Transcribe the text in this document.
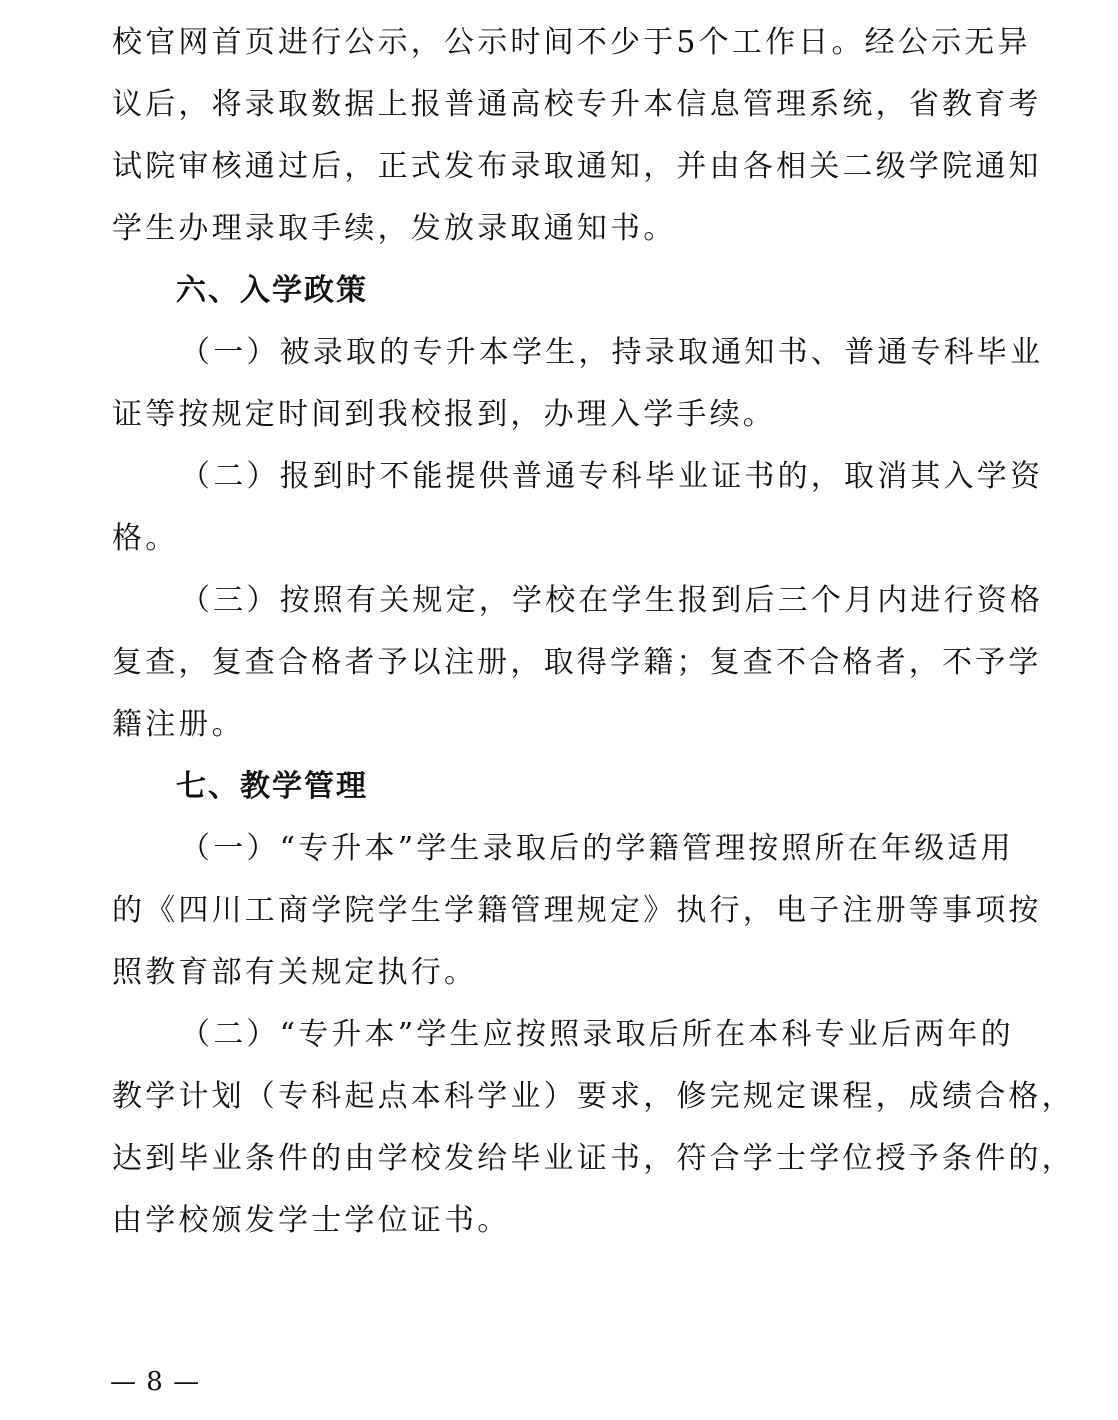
校官网首页进行公示，公示时间不少于5个工作日。经公示无异
议后，将录取数据上报普通高校专升本信息管理系统，省教育考
试院审核通过后，正式发布录取通知，并由各相关二级学院通知
学生办理录取手续，发放录取通知书。
六、入学政策
（一）被录取的专升本学生，持录取通知书、普通专科毕业
证等按规定时间到我校报到，办理入学手续。
（二）报到时不能提供普通专科毕业证书的，取消其入学资
格。
（三）按照有关规定，学校在学生报到后三个月内进行资格
复查，复查合格者予以注册，取得学籍；复查不合格者，不予学
籍注册。
七、教学管理
（一）“专升本”学生录取后的学籍管理按照所在年级适用
的《四川工商学院学生学籍管理规定》执行，电子注册等事项按
照教育部有关规定执行。
（二）“专升本”学生应按照录取后所在本科专业后两年的
教学计划（专科起点本科学业）要求，修完规定课程，成绩合格，
达到毕业条件的由学校发给毕业证书，符合学士学位授予条件的，
由学校颁发学士学位证书。
— 8 —
